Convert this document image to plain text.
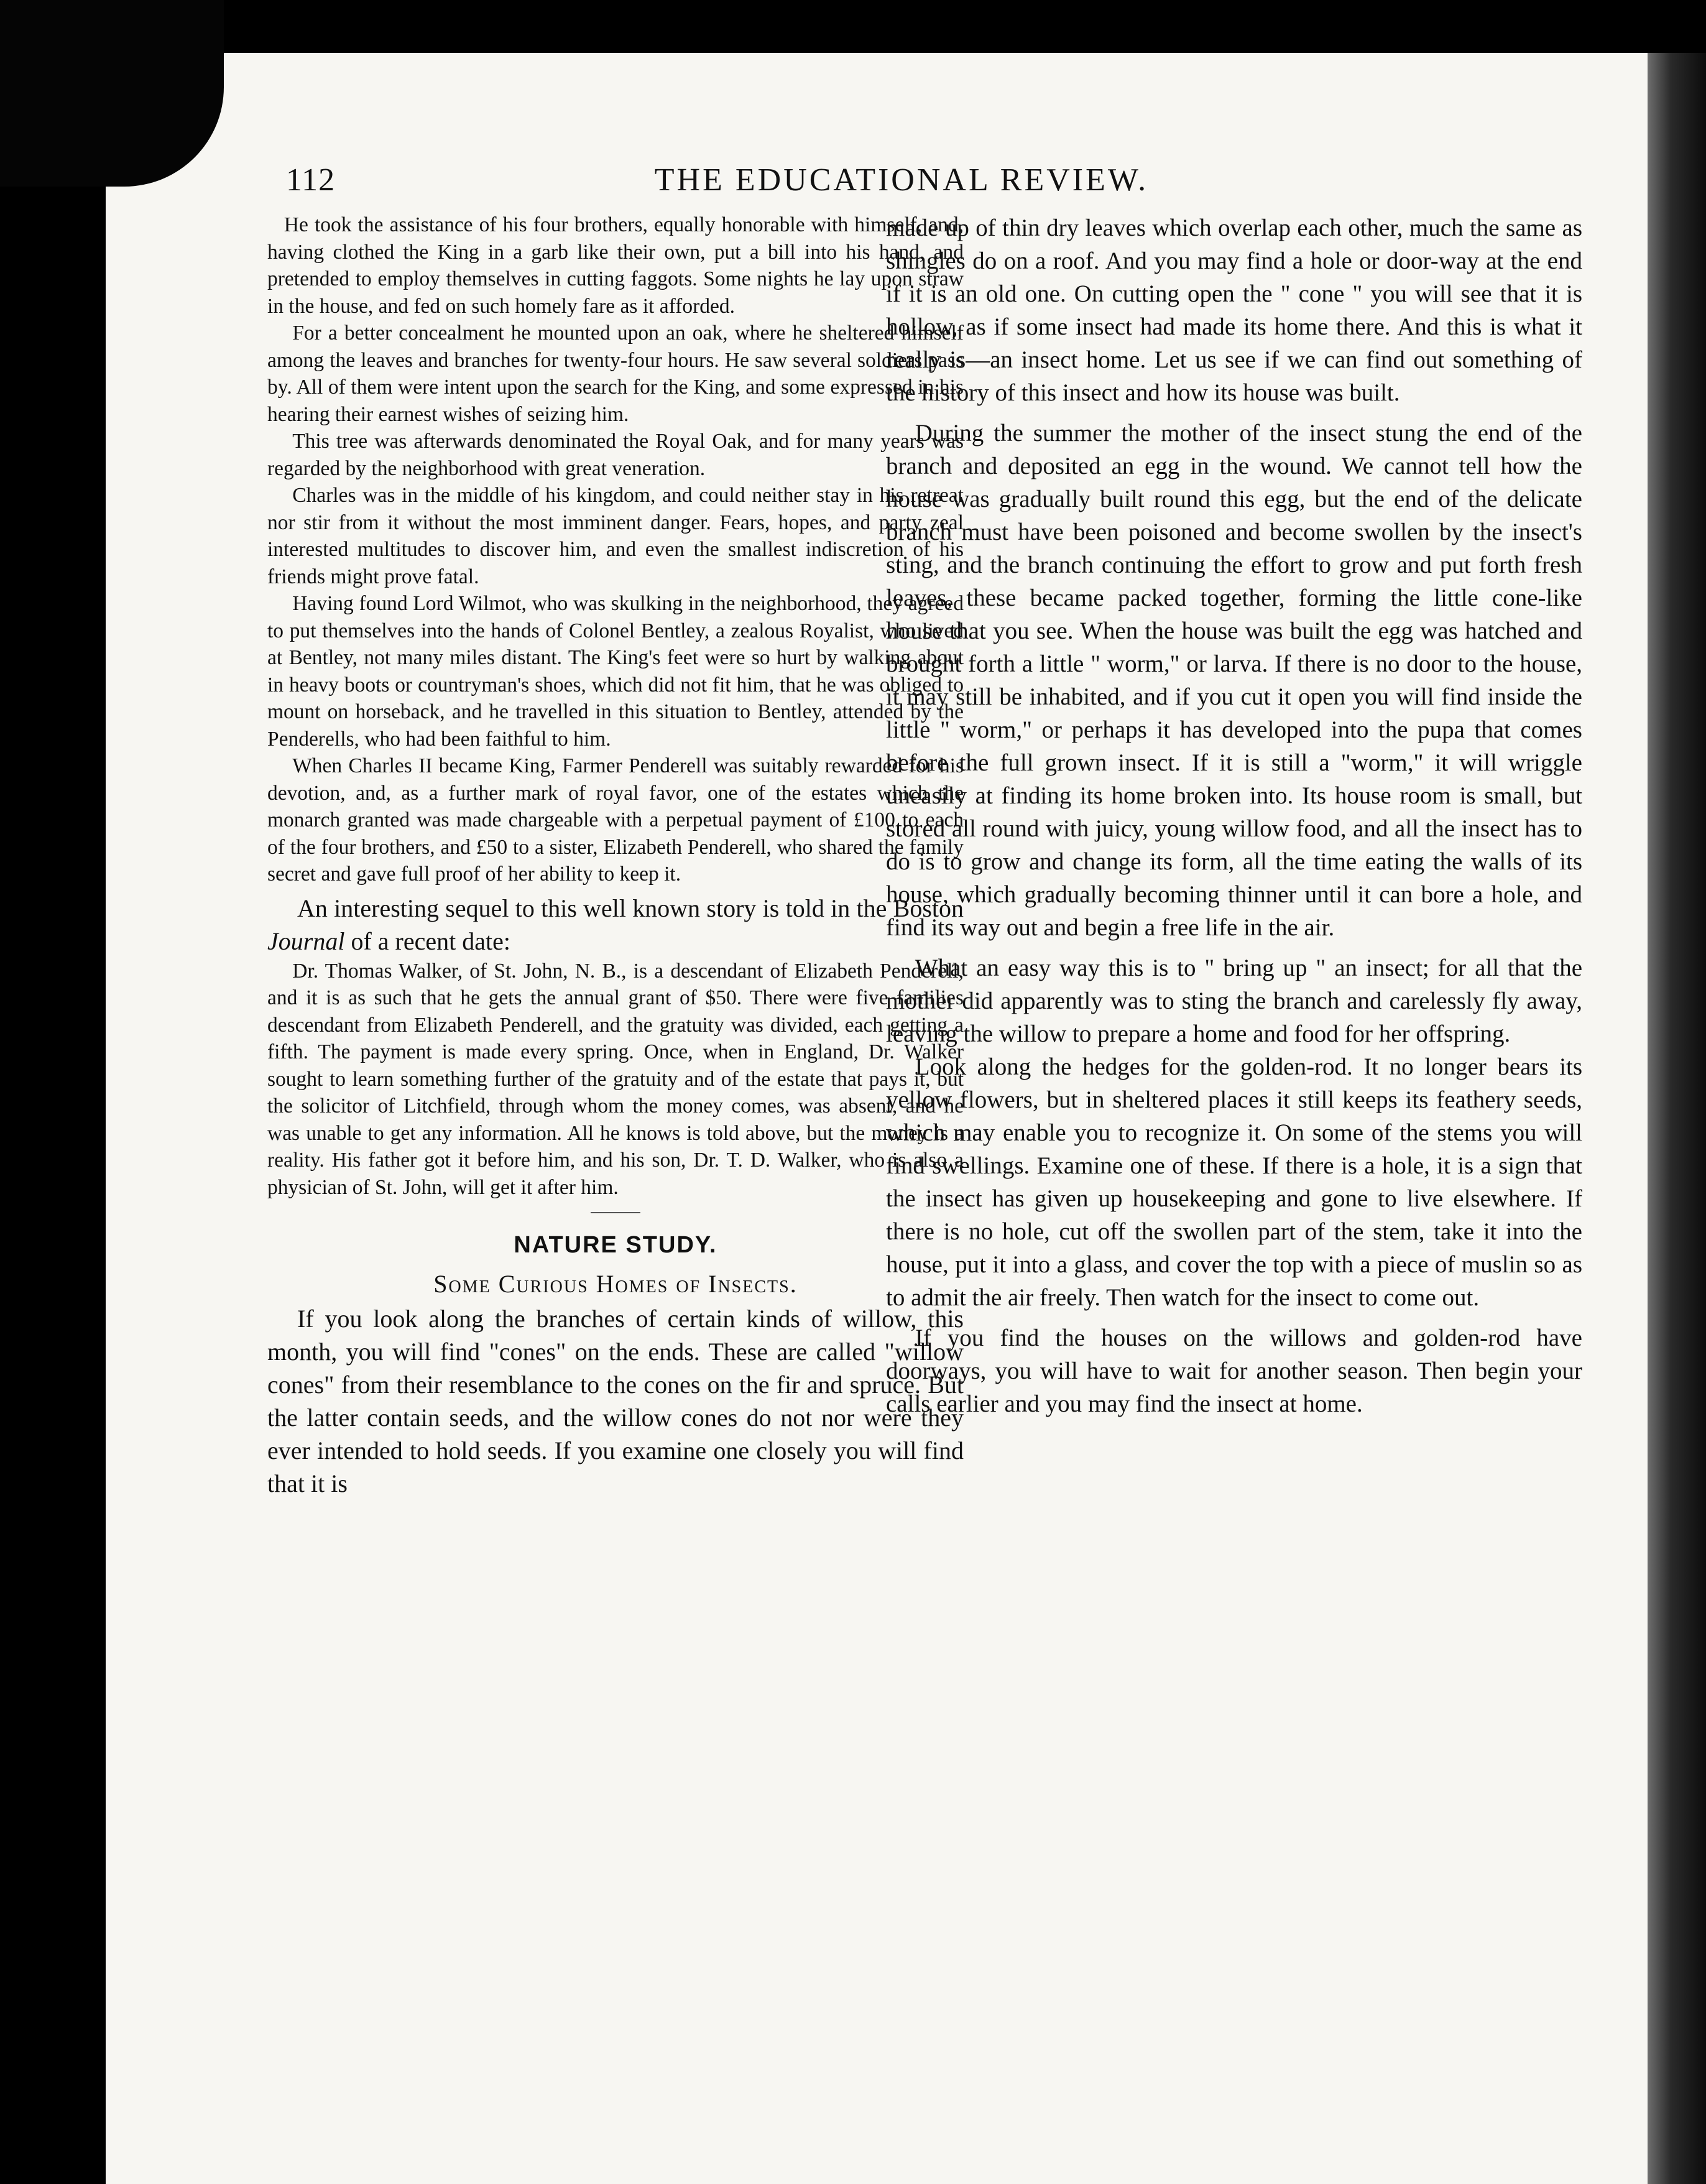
112	THE EDUCATIONAL REVIEW.

He took the assistance of his four brothers, equally honorable with himself, and, having clothed the King in a garb like their own, put a bill into his hand, and pretended to employ themselves in cutting faggots. Some nights he lay upon straw in the house, and fed on such homely fare as it afforded.

For a better concealment he mounted upon an oak, where he sheltered himself among the leaves and branches for twenty-four hours. He saw several soldiers pass by. All of them were intent upon the search for the King, and some expressed in his hearing their earnest wishes of seizing him.

This tree was afterwards denominated the Royal Oak, and for many years was regarded by the neighborhood with great veneration.

Charles was in the middle of his kingdom, and could neither stay in his retreat nor stir from it without the most imminent danger. Fears, hopes, and party zeal interested multitudes to discover him, and even the smallest indiscretion of his friends might prove fatal.

Having found Lord Wilmot, who was skulking in the neighborhood, they agreed to put themselves into the hands of Colonel Bentley, a zealous Royalist, who lived at Bentley, not many miles distant. The King's feet were so hurt by walking about in heavy boots or countryman's shoes, which did not fit him, that he was obliged to mount on horseback, and he travelled in this situation to Bentley, attended by the Penderells, who had been faithful to him.

When Charles II became King, Farmer Penderell was suitably rewarded for his devotion, and, as a further mark of royal favor, one of the estates which the monarch granted was made chargeable with a perpetual payment of £100 to each of the four brothers, and £50 to a sister, Elizabeth Penderell, who shared the family secret and gave full proof of her ability to keep it.

An interesting sequel to this well known story is told in the Boston Journal of a recent date:

Dr. Thomas Walker, of St. John, N. B., is a descendant of Elizabeth Penderell, and it is as such that he gets the annual grant of $50. There were five families descendant from Elizabeth Penderell, and the gratuity was divided, each getting a fifth. The payment is made every spring. Once, when in England, Dr. Walker sought to learn something further of the gratuity and of the estate that pays it, but the solicitor of Litchfield, through whom the money comes, was absent, and he was unable to get any information. All he knows is told above, but the money is a reality. His father got it before him, and his son, Dr. T. D. Walker, who is also a physician of St. John, will get it after him.

NATURE STUDY.
Some Curious Homes of Insects.

If you look along the branches of certain kinds of willow, this month, you will find "cones" on the ends. These are called "willow cones" from their resemblance to the cones on the fir and spruce. But the latter contain seeds, and the willow cones do not nor were they ever intended to hold seeds. If you examine one closely you will find that it is

made up of thin dry leaves which overlap each other, much the same as shingles do on a roof. And you may find a hole or door-way at the end if it is an old one. On cutting open the " cone " you will see that it is hollow, as if some insect had made its home there. And this is what it really is—an insect home. Let us see if we can find out something of the history of this insect and how its house was built.

During the summer the mother of the insect stung the end of the branch and deposited an egg in the wound. We cannot tell how the house was gradually built round this egg, but the end of the delicate branch must have been poisoned and become swollen by the insect's sting, and the branch continuing the effort to grow and put forth fresh leaves, these became packed together, forming the little cone-like house that you see. When the house was built the egg was hatched and brought forth a little " worm," or larva. If there is no door to the house, it may still be inhabited, and if you cut it open you will find inside the little " worm," or perhaps it has developed into the pupa that comes before the full grown insect. If it is still a "worm," it will wriggle uneasily at finding its home broken into. Its house room is small, but stored all round with juicy, young willow food, and all the insect has to do is to grow and change its form, all the time eating the walls of its house, which gradually becoming thinner until it can bore a hole, and find its way out and begin a free life in the air.

What an easy way this is to " bring up " an insect; for all that the mother did apparently was to sting the branch and carelessly fly away, leaving the willow to prepare a home and food for her offspring.

Look along the hedges for the golden-rod. It no longer bears its yellow flowers, but in sheltered places it still keeps its feathery seeds, which may enable you to recognize it. On some of the stems you will find swellings. Examine one of these. If there is a hole, it is a sign that the insect has given up housekeeping and gone to live elsewhere. If there is no hole, cut off the swollen part of the stem, take it into the house, put it into a glass, and cover the top with a piece of muslin so as to admit the air freely. Then watch for the insect to come out.

If you find the houses on the willows and golden-rod have doorways, you will have to wait for another season. Then begin your calls earlier and you may find the insect at home.
